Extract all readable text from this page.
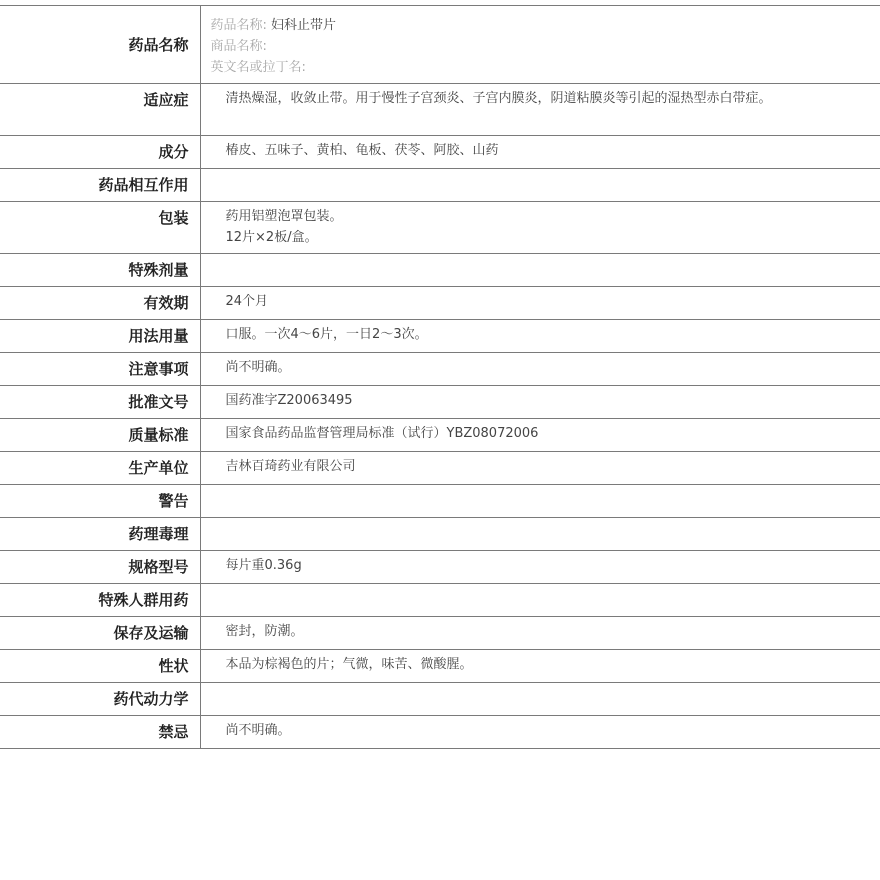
药品名称	药品名称: 妇科止带片
商品名称:
英文名或拉丁名:

适应症	清热燥湿，收敛止带。用于慢性子宫颈炎、子宫内膜炎，阴道粘膜炎等引起的湿热型赤白带症。

成分	椿皮、五味子、黄柏、龟板、茯苓、阿胶、山药

药品相互作用	
包装	药用铝塑泡罩包装。
12片×2板/盒。

特殊剂量	
有效期	24个月

用法用量	口服。一次4～6片，一日2～3次。

注意事项	尚不明确。

批准文号	国药准字Z20063495

质量标准	国家食品药品监督管理局标准（试行）YBZ08072006

生产单位	吉林百琦药业有限公司

警告	
药理毒理	
规格型号	每片重0.36g

特殊人群用药	
保存及运输	密封，防潮。

性状	本品为棕褐色的片；气微，味苦、微酸腥。

药代动力学	
禁忌	尚不明确。
